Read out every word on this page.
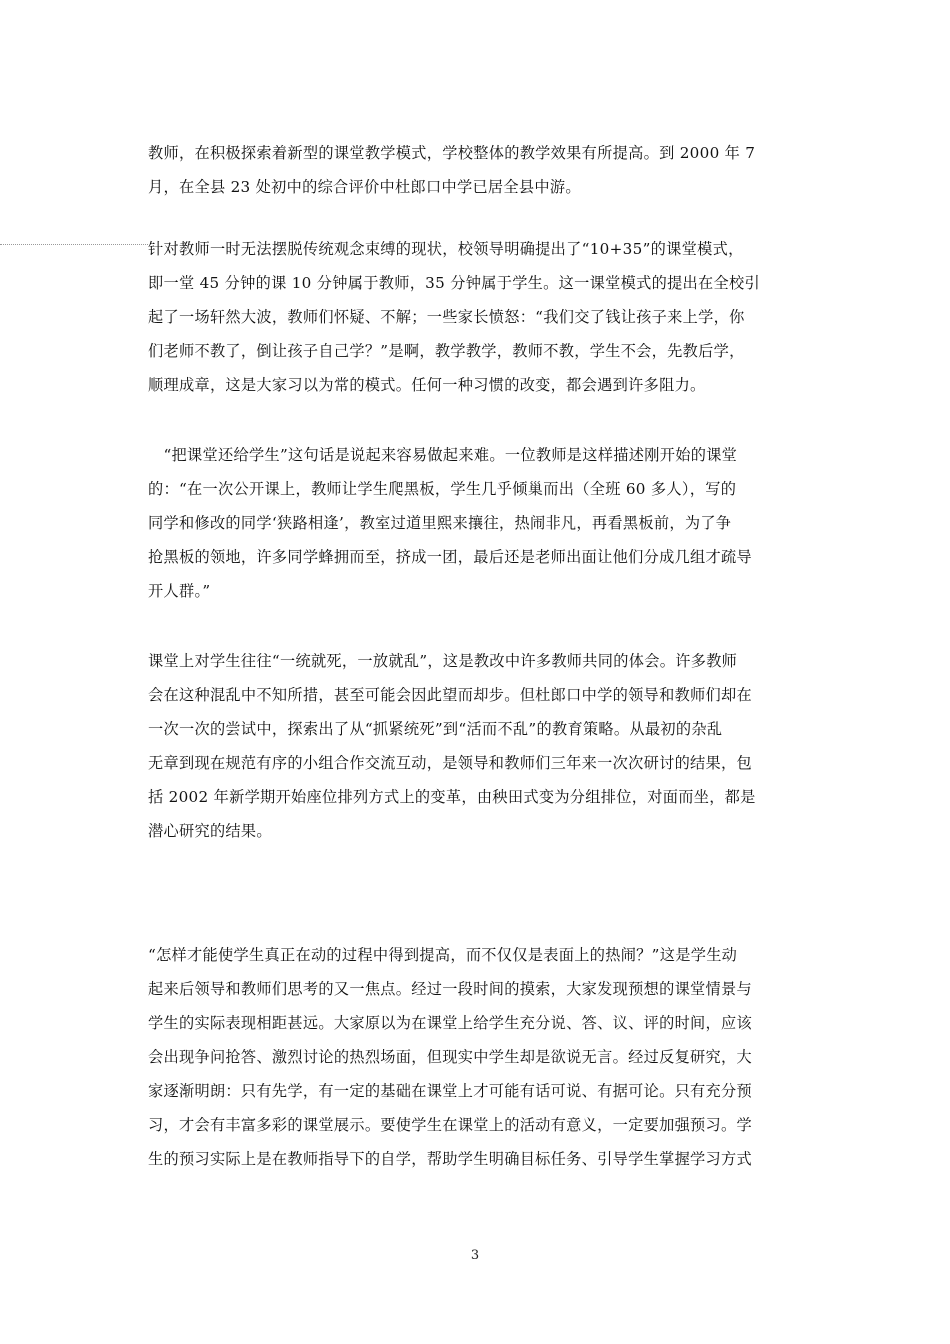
教师，在积极探索着新型的课堂教学模式，学校整体的教学效果有所提高。到 2000 年 7
月，在全县 23 处初中的综合评价中杜郎口中学已居全县中游。
针对教师一时无法摆脱传统观念束缚的现状，校领导明确提出了“10+35”的课堂模式，
即一堂 45 分钟的课 10 分钟属于教师，35 分钟属于学生。这一课堂模式的提出在全校引
起了一场轩然大波，教师们怀疑、不解；一些家长愤怒：“我们交了钱让孩子来上学，你
们老师不教了，倒让孩子自己学？”是啊，教学教学，教师不教，学生不会，先教后学，
顺理成章，这是大家习以为常的模式。任何一种习惯的改变，都会遇到许多阻力。
　“把课堂还给学生”这句话是说起来容易做起来难。一位教师是这样描述刚开始的课堂
的：“在一次公开课上，教师让学生爬黑板，学生几乎倾巢而出（全班 60 多人），写的
同学和修改的同学‘狭路相逢’，教室过道里熙来攘往，热闹非凡，再看黑板前，为了争
抢黑板的领地，许多同学蜂拥而至，挤成一团，最后还是老师出面让他们分成几组才疏导
开人群。”
课堂上对学生往往“一统就死，一放就乱”，这是教改中许多教师共同的体会。许多教师
会在这种混乱中不知所措，甚至可能会因此望而却步。但杜郎口中学的领导和教师们却在
一次一次的尝试中，探索出了从“抓紧统死”到“活而不乱”的教育策略。从最初的杂乱
无章到现在规范有序的小组合作交流互动，是领导和教师们三年来一次次研讨的结果，包
括 2002 年新学期开始座位排列方式上的变革，由秧田式变为分组排位，对面而坐，都是
潜心研究的结果。
“怎样才能使学生真正在动的过程中得到提高，而不仅仅是表面上的热闹？”这是学生动
起来后领导和教师们思考的又一焦点。经过一段时间的摸索，大家发现预想的课堂情景与
学生的实际表现相距甚远。大家原以为在课堂上给学生充分说、答、议、评的时间，应该
会出现争问抢答、激烈讨论的热烈场面，但现实中学生却是欲说无言。经过反复研究，大
家逐渐明朗：只有先学，有一定的基础在课堂上才可能有话可说、有据可论。只有充分预
习，才会有丰富多彩的课堂展示。要使学生在课堂上的活动有意义，一定要加强预习。学
生的预习实际上是在教师指导下的自学，帮助学生明确目标任务、引导学生掌握学习方式
3
